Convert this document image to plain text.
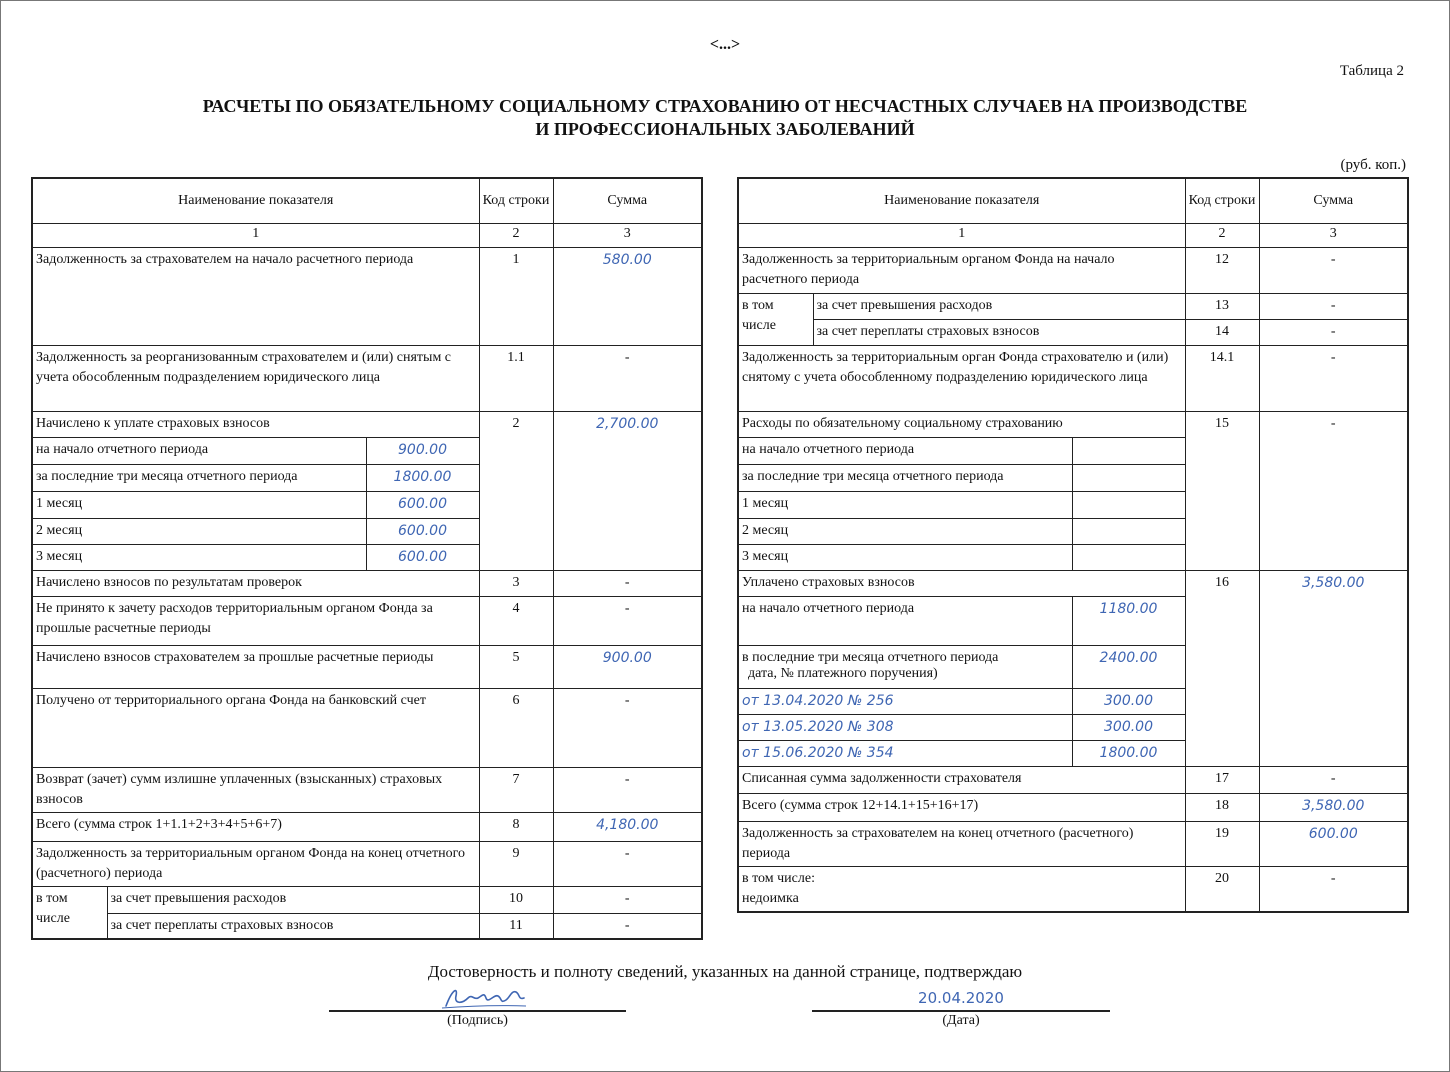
<...>
Таблица 2
РАСЧЕТЫ ПО ОБЯЗАТЕЛЬНОМУ СОЦИАЛЬНОМУ СТРАХОВАНИЮ ОТ НЕСЧАСТНЫХ СЛУЧАЕВ НА ПРОИЗВОДСТВЕ
И ПРОФЕССИОНАЛЬНЫХ ЗАБОЛЕВАНИЙ
(руб. коп.)
Наименование показателя			Код строки	Сумма
1			2	3
Задолженность за страхователем на начало расчетного периода			1	580.00
Задолженность за реорганизованным страхователем и (или) снятым с учета обособленным подразделением юридического лица			1.1	-
Начислено к уплате страховых взносов			2	2,700.00
на начало отчетного периода		900.00		
за последние три месяца отчетного периода		1800.00		
1 месяц		600.00		
2 месяц		600.00		
3 месяц		600.00		
Начислено взносов по результатам проверок			3	-
Не принято к зачету расходов территориальным органом Фонда за прошлые расчетные периоды			4	-
Начислено взносов страхователем за прошлые расчетные периоды			5	900.00
Получено от территориального органа Фонда на банковский счет			6	-
Возврат (зачет) сумм излишне уплаченных (взысканных) страховых взносов			7	-
Всего (сумма строк 1+1.1+2+3+4+5+6+7)			8	4,180.00
Задолженность за территориальным органом Фонда на конец отчетного (расчетного) периода			9	-
в том числе	за счет превышения расходов		10	-
	за счет переплаты страховых взносов		11	-
Наименование показателя			Код строки	Сумма
1			2	3
Задолженность за территориальным органом Фонда на начало расчетного периода			12	-
в том числе	за счет превышения расходов		13	-
	за счет переплаты страховых взносов		14	-
Задолженность за территориальным орган Фонда страхователю и (или) снятому с учета обособленному подразделению юридического лица			14.1	-
Расходы по обязательному социальному страхованию			15	-
на начало отчетного периода				
за последние три месяца отчетного периода				
1 месяц				
2 месяц				
3 месяц				
Уплачено страховых взносов			16	3,580.00
на начало отчетного периода		1180.00		

в последние три месяца отчетного периода
дата, № платежного поручения)		2400.00		
от 13.04.2020 № 256		300.00		
от 13.05.2020 № 308		300.00		
от 15.06.2020 № 354		1800.00		
Списанная сумма задолженности страхователя			17	-
Всего (сумма строк 12+14.1+15+16+17)			18	3,580.00
Задолженность за страхователем на конец отчетного (расчетного) периода			19	600.00

в том числе:
недоимка			20	-
Достоверность и полноту сведений, указанных на данной странице, подтверждаю
(Подпись)
20.04.2020
(Дата)
